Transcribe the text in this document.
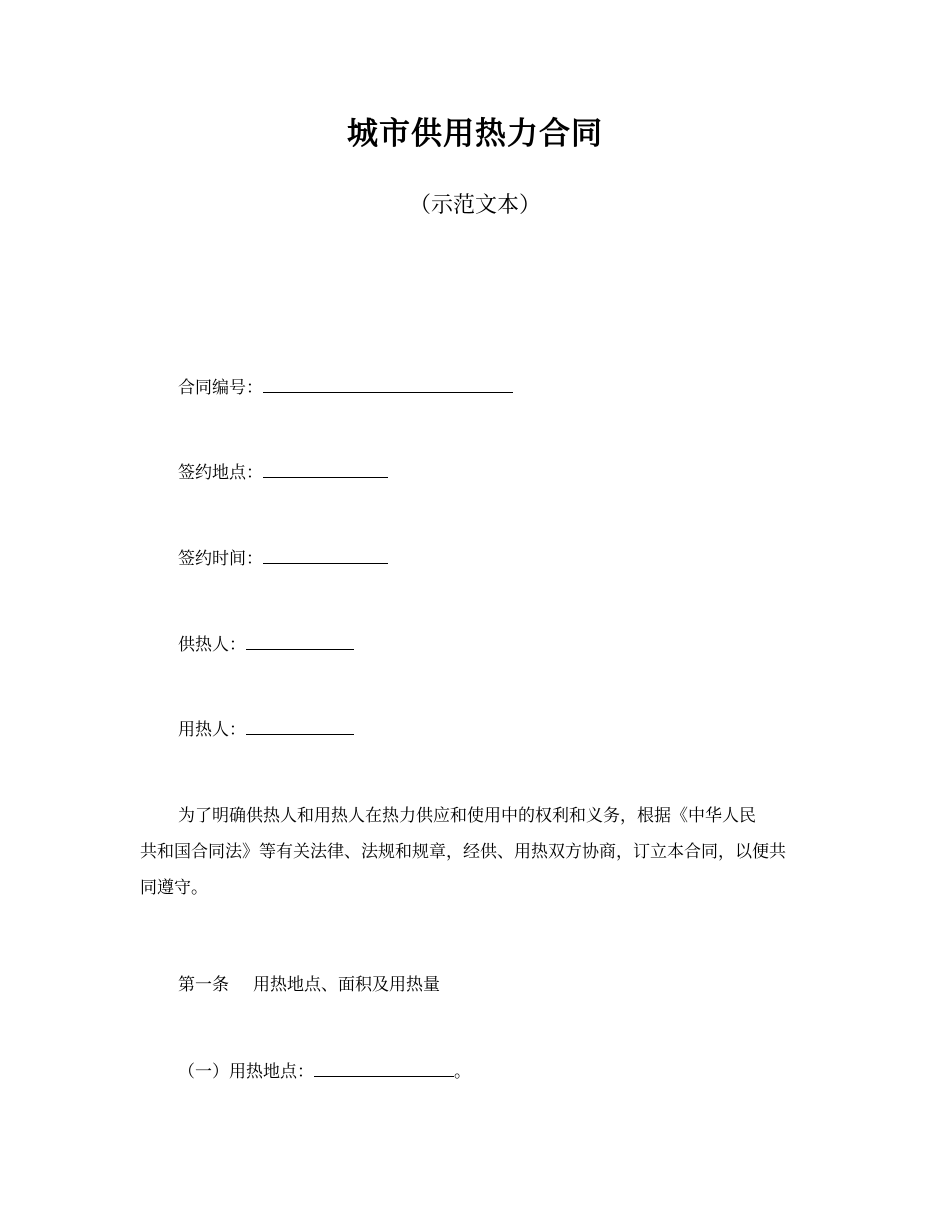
城市供用热力合同
（示范文本）
合同编号：
签约地点：
签约时间：
供热人：
用热人：
为了明确供热人和用热人在热力供应和使用中的权利和义务，根据《中华人民
共和国合同法》等有关法律、法规和规章，经供、用热双方协商，订立本合同，以便共
同遵守。
第一条 用热地点、面积及用热量
（一）用热地点：	。
